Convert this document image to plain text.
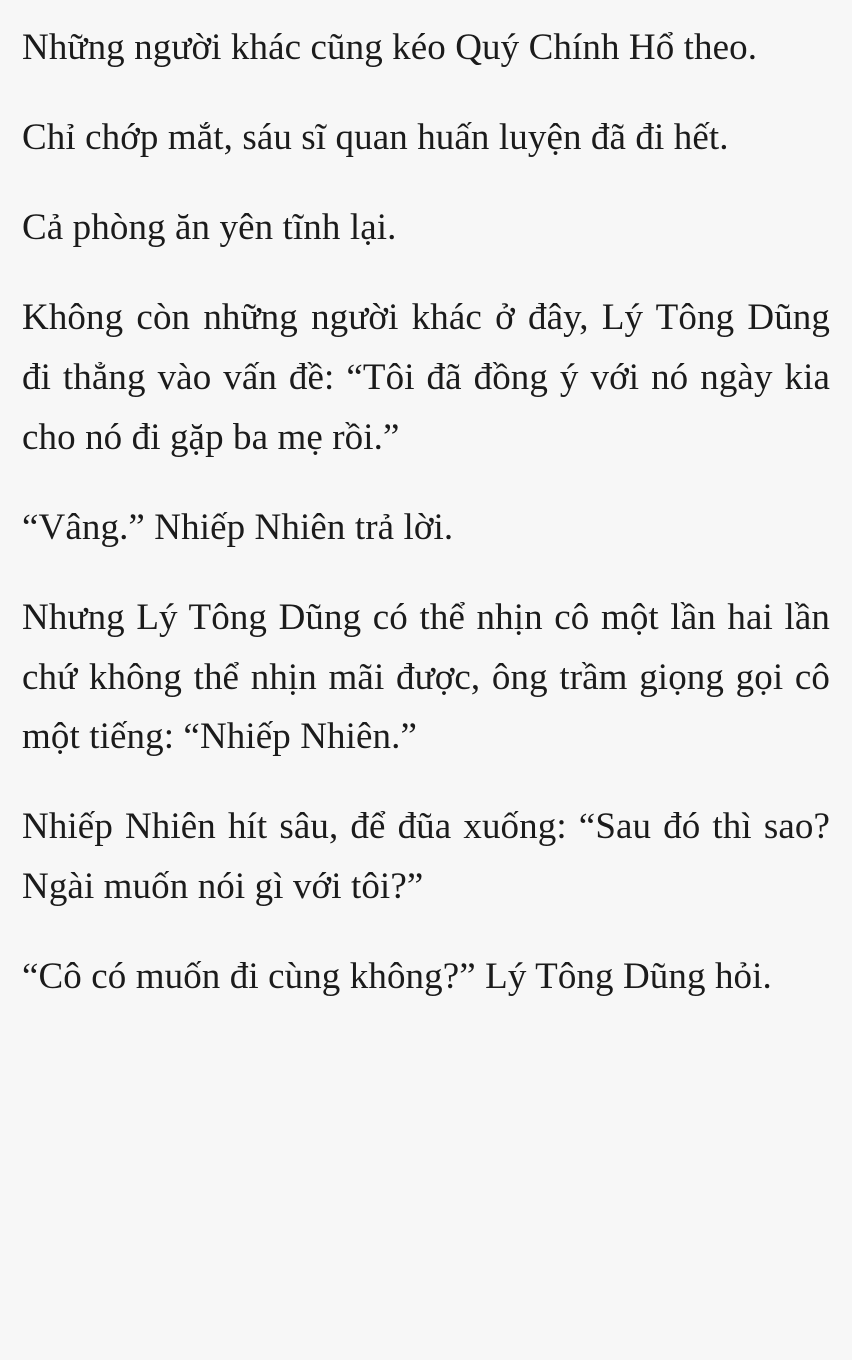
Những người khác cũng kéo Quý Chính Hổ theo.

Chỉ chớp mắt, sáu sĩ quan huấn luyện đã đi hết.

Cả phòng ăn yên tĩnh lại.

Không còn những người khác ở đây, Lý Tông Dũng đi thẳng vào vấn đề: “Tôi đã đồng ý với nó ngày kia cho nó đi gặp ba mẹ rồi.”

“Vâng.” Nhiếp Nhiên trả lời.

Nhưng Lý Tông Dũng có thể nhịn cô một lần hai lần chứ không thể nhịn mãi được, ông trầm giọng gọi cô một tiếng: “Nhiếp Nhiên.”

Nhiếp Nhiên hít sâu, để đũa xuống: “Sau đó thì sao? Ngài muốn nói gì với tôi?”

“Cô có muốn đi cùng không?” Lý Tông Dũng hỏi.
